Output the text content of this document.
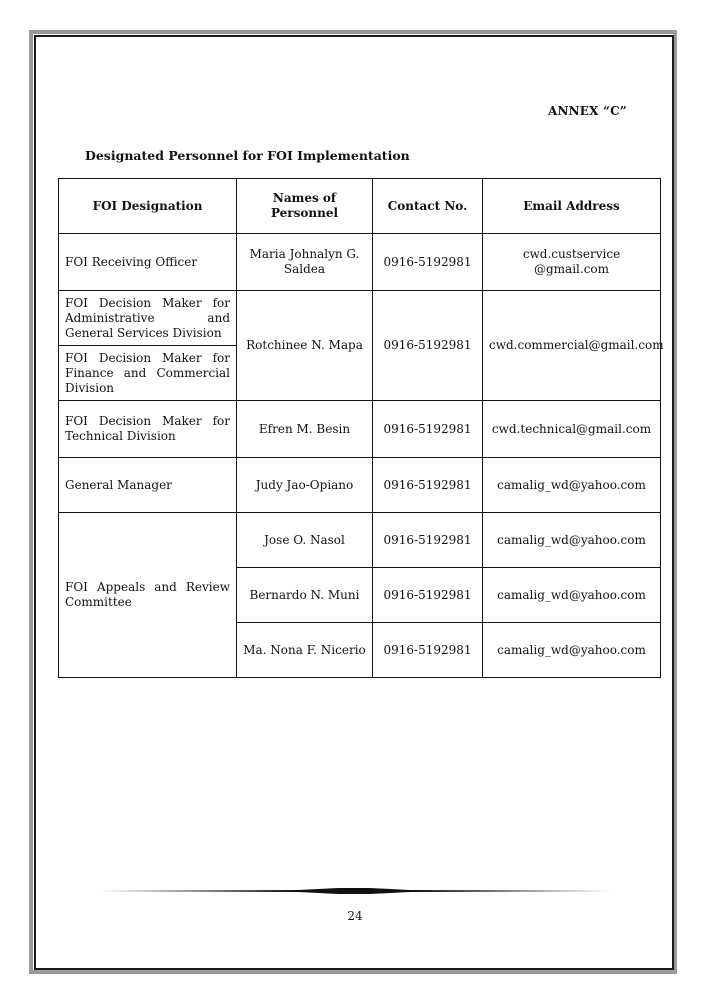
ANNEX “C”
Designated Personnel for FOI Implementation
FOI Designation	Names of Personnel	Contact No.	Email Address
FOI Receiving Officer	Maria Johnalyn G. Saldea	0916-5192981	cwd.custservice @gmail.com
FOI Decision Maker for Administrative and General Services Division	Rotchinee N. Mapa	0916-5192981	cwd.commercial@gmail.com
FOI Decision Maker for Finance and Commercial Division			
FOI Decision Maker for Technical Division	Efren M. Besin	0916-5192981	cwd.technical@gmail.com
General Manager	Judy Jao-Opiano	0916-5192981	camalig_wd@yahoo.com
FOI Appeals and Review Committee	Jose O. Nasol	0916-5192981	camalig_wd@yahoo.com
	Bernardo N. Muni	0916-5192981	camalig_wd@yahoo.com
	Ma. Nona F. Nicerio	0916-5192981	camalig_wd@yahoo.com
24
